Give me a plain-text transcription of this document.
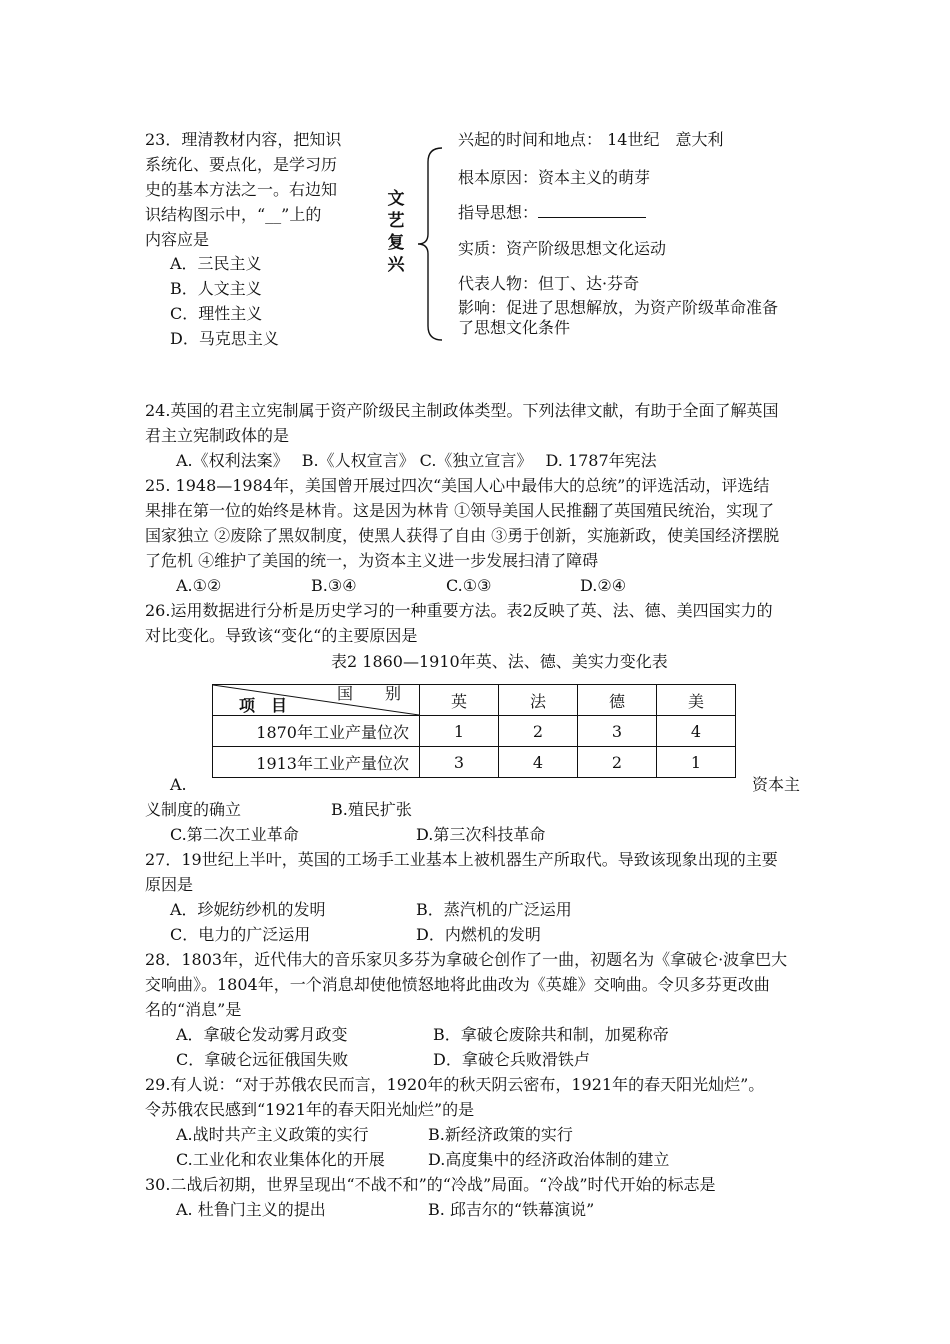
23．理清教材内容，把知识
系统化、要点化，是学习历
史的基本方法之一。右边知
识结构图示中，“__”上的
内容应是
A．三民主义
B．人文主义
C．理性主义
D．马克思主义
文艺复兴
兴起的时间和地点： 14世纪　意大利
根本原因：资本主义的萌芽
指导思想：
实质：资产阶级思想文化运动
代表人物：但丁、达·芬奇
影响：促进了思想解放，为资产阶级革命准备
了思想文化条件
24.英国的君主立宪制属于资产阶级民主制政体类型。下列法律文献，有助于全面了解英国
君主立宪制政体的是
A.《权利法案》　 B.《人权宣言》 C.《独立宣言》　 D. 1787年宪法
25. 1948—1984年，美国曾开展过四次“美国人心中最伟大的总统”的评选活动，评选结
果排在第一位的始终是林肯。这是因为林肯 ①领导美国人民推翻了英国殖民统治，实现了
国家独立 ②废除了黑奴制度，使黑人获得了自由 ③勇于创新，实施新政，使美国经济摆脱
了危机 ④维护了美国的统一，为资本主义进一步发展扫清了障碍
A.①②	B.③④	C.①③	D.②④
26.运用数据进行分析是历史学习的一种重要方法。表2反映了英、法、德、美四国实力的
对比变化。导致该“变化“的主要原因是
表2 1860—1910年英、法、德、美实力变化表
国　　别
项　目	英	法	德	美
1870年工业产量位次	1	2	3	4
1913年工业产量位次	3	4	2	1
A.	资本主
义制度的确立	B.殖民扩张
C.第二次工业革命	D.第三次科技革命
27．19世纪上半叶，英国的工场手工业基本上被机器生产所取代。导致该现象出现的主要
原因是
A．珍妮纺纱机的发明	B．蒸汽机的广泛运用
C．电力的广泛运用	D．内燃机的发明
28．1803年，近代伟大的音乐家贝多芬为拿破仑创作了一曲，初题名为《拿破仑·波拿巴大
交响曲》。1804年，一个消息却使他愤怒地将此曲改为《英雄》交响曲。令贝多芬更改曲
名的“消息”是
A．拿破仑发动雾月政变	B．拿破仑废除共和制，加冕称帝
C．拿破仑远征俄国失败	D．拿破仑兵败滑铁卢
29.有人说：“对于苏俄农民而言，1920年的秋天阴云密布，1921年的春天阳光灿烂”。
令苏俄农民感到“1921年的春天阳光灿烂”的是
A.战时共产主义政策的实行	B.新经济政策的实行
C.工业化和农业集体化的开展	D.高度集中的经济政治体制的建立
30.二战后初期，世界呈现出“不战不和”的“冷战”局面。“冷战”时代开始的标志是
A. 杜鲁门主义的提出	B. 邱吉尔的“铁幕演说”
